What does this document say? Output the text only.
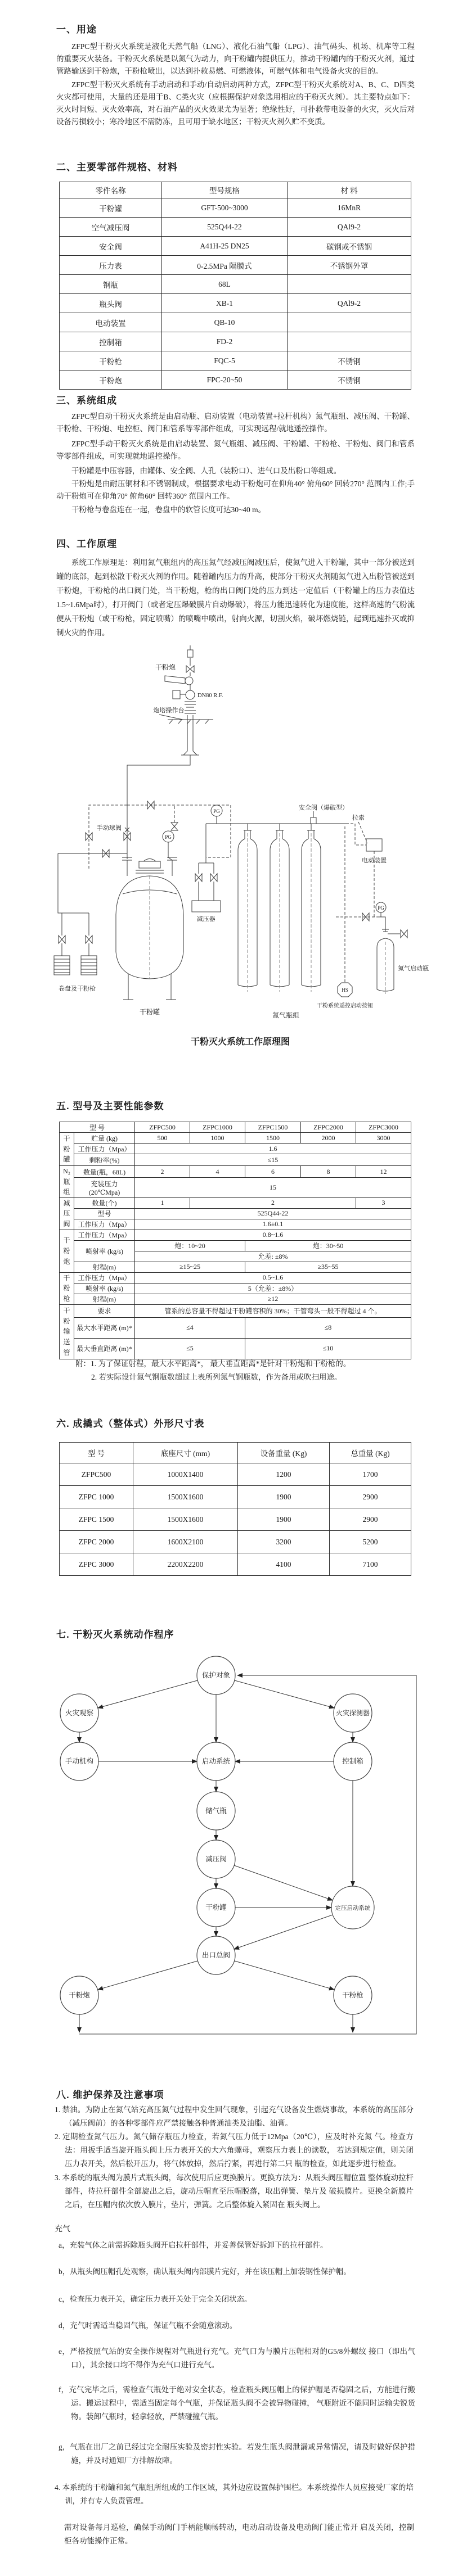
一、用途

ZFPC型干粉灭火系统是液化天然气船（LNG）、液化石油气船（LPG）、油气码头、机场、机库等工程的重要灭火装备。干粉灭火系统是以氮气为动力，向干粉罐内提供压力，推动干粉罐内的干粉灭火剂，通过管路输送到干粉炮，干粉枪喷出，以达到扑救易燃、可燃液体，可燃气体和电气设备火灾的目的。

ZFPC型干粉灭火系统有手动启动和手动/自动启动两种方式，ZFPC型干粉灭火系统对A、B、C、D四类火灾都可使用，大量的还是用于B、C类火灾（应根据保护对象选用相应的干粉灭火剂）。其主要特点如下：灭火时间短、灭火效率高，对石油产品的灭火效果尤为显著；绝缘性好，可扑救带电设备的火灾，灭火后对设备污损较小；寒冷地区不需防冻，且可用于缺水地区；干粉灭火剂久贮不变质。

二、主要零部件规格、材料
零件名称	型号规格	材 料
干粉罐	GFT-500~3000	16MnR
空气减压阀	525Q44-22	QAl9-2
安全阀	A41H-25 DN25	碳钢或不锈钢
压力表	0-2.5MPa 隔膜式	不锈钢外罩
钢瓶	68L	
瓶头阀	XB-1	QAl9-2
电动装置	QB-10	
控制箱	FD-2	
干粉枪	FQC-5	不锈钢
干粉炮	FPC-20~50	不锈钢
三、系统组成

ZFPC型自动干粉灭火系统是由启动瓶、启动装置（电动装置+拉杆机构）氮气瓶组、减压阀、干粉罐、干粉枪、干粉炮、电控柜、阀门和管系等零部件组成，可实现远程/就地遥控操作。

ZFPC型手动干粉灭火系统是由启动装置、氮气瓶组、减压阀、干粉罐、干粉枪、干粉炮、阀门和管系等零部件组成，可实现就地遥控操作。

干粉罐是中压容器，由罐体、安全阀、人孔（装粉口）、进气口及出粉口等组成。

干粉炮是由耐压铜材和不锈钢制成，根据要求电动干粉炮可在仰角40° 俯角60° 回转270° 范围内工作;手动干粉炮可在仰角70° 俯角60° 回转360° 范围内工作。

干粉枪与卷盘连在一起，卷盘中的软管长度可达30~40 m。

四、工作原理

系统工作原理是：利用氮气瓶组内的高压氮气经减压阀减压后，使氮气进入干粉罐，其中一部分被送到罐的底部，起到松散干粉灭火剂的作用。随着罐内压力的升高，使部分干粉灭火剂随氮气进入出粉管被送到干粉炮，干粉枪的出口阀门处，当干粉炮，枪的出口阀门处的压力到达一定值后（干粉罐上的压力表值达1.5~1.6Mpa时），打开阀门（或者定压爆破膜片自动爆破），将压力能迅速转化为速度能，这样高速的气粉流便从干粉炮（或干粉枪，固定喷嘴）的喷嘴中喷出，射向火源，切割火焰，破坏燃烧链，起到迅速扑灭或抑制火灾的作用。

干粉炮
DN80 R.F.
炮塔操作台
手动球阀
卷盘及干粉枪
干粉罐
PG
减压器
PG	安全阀（爆破型）
拉索
电动装置
氮气瓶组
HS
干粉系统遥控启动按钮
PG
氮气启动瓶
干粉灭火系统工作原理图
五. 型号及主要性能参数
型 号		ZFPC500	ZFPC1000	ZFPC1500	ZFPC2000	ZFPC3000
干粉罐	贮量 (kg)	500	1000	1500	2000	3000
	工作压力（Mpa）	1.6				
	剩粉率(%)	≤15				
N₂瓶组	数量(瓶，68L)	2	4	6	8	12
	充装压力 (20℃Mpa)	15				
减压阀	数量(个)	1	2			3
	型号	525Q44-22				
	工作压力（Mpa）	1.6±0.1				
干粉炮	工作压力（Mpa）	0.8~1.6				
	喷射率 (kg/s)	炮：10~20		炮：30~50		
		允差: ±8%				
	射程(m)	≥15~25		≥35~55		
干粉枪	工作压力（Mpa）	0.5~1.6				
	喷射率 (kg/s)	5（允差：±8%）				
	射程(m)	≥12				
干粉输送管	要求	管系的总容量不得超过干粉罐容积的 30%；干管弯头一般不得超过 4 个。				
	最大水平距离 (m)*	≤4		≤8		
	最大垂直距离 (m)*	≤5		≤10		

附：1. 为了保证射程，最大水平距离*， 最大垂直距离*是针对干粉炮和干粉枪的。

2. 若实际设计氮气钢瓶数超过上表所列氮气钢瓶数，作为备用或吹扫用途。

六. 成撬式（整体式）外形尺寸表
型 号	底座尺寸 (mm)	设备重量 (Kg)	总重量 (Kg)
ZFPC500	1000X1400	1200	1700
ZFPC 1000	1500X1600	1900	2900
ZFPC 1500	1500X1600	1900	2900
ZFPC 2000	1600X2100	3200	5200
ZFPC 3000	2200X2200	4100	7100
七. 干粉灭火系统动作程序
保护对象
火灾观察	火灾探测器
手动机构	启动系统	控制箱
储气瓶
减压阀
干粉罐	定压启动系统
出口总阀
干粉炮	干粉枪
八. 维护保养及注意事项

1. 禁油。为防止在氮气站充高压氮气过程中发生回气现象，引起充气设备发生燃烧事故，本系统的高压部分（减压阀前）的各种零部件应严禁接触各种普通油类及油脂、油膏。

2. 定期检查氮气压力。氮气储存瓶压力检查，若氮气压力低于12Mpa（20℃），应及时补充氮 气。检查方法：用扳手适当旋开瓶头阀上压力表开关的大六角螺母，观察压力表上的读数， 若达到规定值，则关闭压力表开关，然后松开压力，将气体放掉，然后拧紧，再进行第二只 瓶的检查，如此逐步进行检查。

3. 本系统的瓶头阀为膜片式瓶头阀，每次使用后应更换膜片。更换方法为：从瓶头阀压帽位置 整体旋动拉杆部件，待拉杆部件全部旋出之后，旋动压帽直至压帽脱落，取出弹簧、垫片及 破损膜片。更换全新膜片之后，在压帽内依次放入膜片，垫片，弹簧。之后整体旋入紧固在 瓶头阀上。

充气

a，充装气体之前需拆除瓶头阀开启拉杆部件，并妥善保管好拆卸下的拉杆部件。

b，从瓶头阀压帽孔处观察，确认瓶头阀内部膜片完好，并在该压帽上加装钢性保护帽。

c，检查压力表开关，确定压力表开关处于完全关闭状态。

d，充气时需适当稳固气瓶，保证气瓶不会随意滚动。

e，严格按照气站的安全操作规程对气瓶进行充气。充气口为与膜片压帽相对的G5/8外螺纹 接口（即出气口），其余接口均不得作为充气口进行充气。

f，充气完毕之后，需检查气瓶处于绝对安全状态，检查瓶头阀压帽上的保护帽是否稳固之后，方能进行搬运。搬运过程中，需适当固定每个气瓶，并保证瓶头阀不会被异物碰撞， 气瓶附近不能同时运输尖锐货物。装卸气瓶时，轻拿轻放，严禁碰撞气瓶。

g，气瓶在出厂之前已经过完全耐压实验及密封性实验。若发生瓶头阀泄漏或异常情况，请及时做好保护措施，并及时通知厂方排解故障。

4. 本系统的干粉罐和氮气瓶组所组成的工作区域，其外边应设置保护围栏。本系统操作人员应接受厂家的培训，并有专人负责管理。

需对设备每月巡检，确保手动阀门手柄能顺畅转动，电动启动设备及电动阀门能正常开 启及关闭，控制柜各功能操作正常。
